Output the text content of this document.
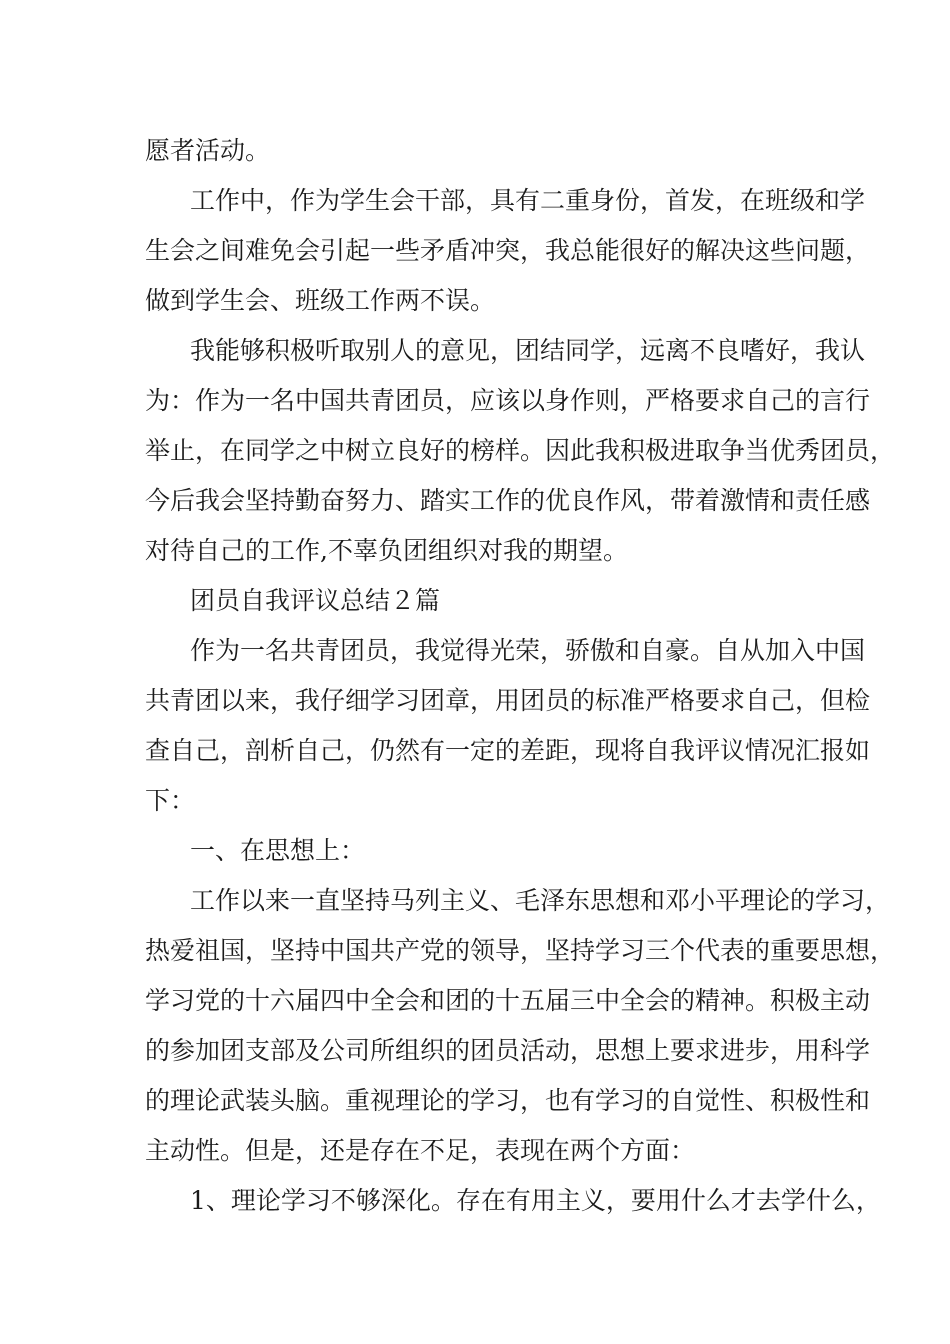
愿者活动。
工作中，作为学生会干部，具有二重身份，首发，在班级和学
生会之间难免会引起一些矛盾冲突，我总能很好的解决这些问题，
做到学生会、班级工作两不误。
我能够积极听取别人的意见，团结同学，远离不良嗜好，我认
为：作为一名中国共青团员，应该以身作则，严格要求自己的言行
举止，在同学之中树立良好的榜样。因此我积极进取争当优秀团员，
今后我会坚持勤奋努力、踏实工作的优良作风，带着激情和责任感
对待自己的工作,不辜负团组织对我的期望。
团员自我评议总结２篇
作为一名共青团员，我觉得光荣，骄傲和自豪。自从加入中国
共青团以来，我仔细学习团章，用团员的标准严格要求自己，但检
查自己，剖析自己，仍然有一定的差距，现将自我评议情况汇报如
下：
一、在思想上：
工作以来一直坚持马列主义、毛泽东思想和邓小平理论的学习，
热爱祖国，坚持中国共产党的领导，坚持学习三个代表的重要思想，
学习党的十六届四中全会和团的十五届三中全会的精神。积极主动
的参加团支部及公司所组织的团员活动，思想上要求进步，用科学
的理论武装头脑。重视理论的学习，也有学习的自觉性、积极性和
主动性。但是，还是存在不足，表现在两个方面：
1、理论学习不够深化。存在有用主义，要用什么才去学什么，
